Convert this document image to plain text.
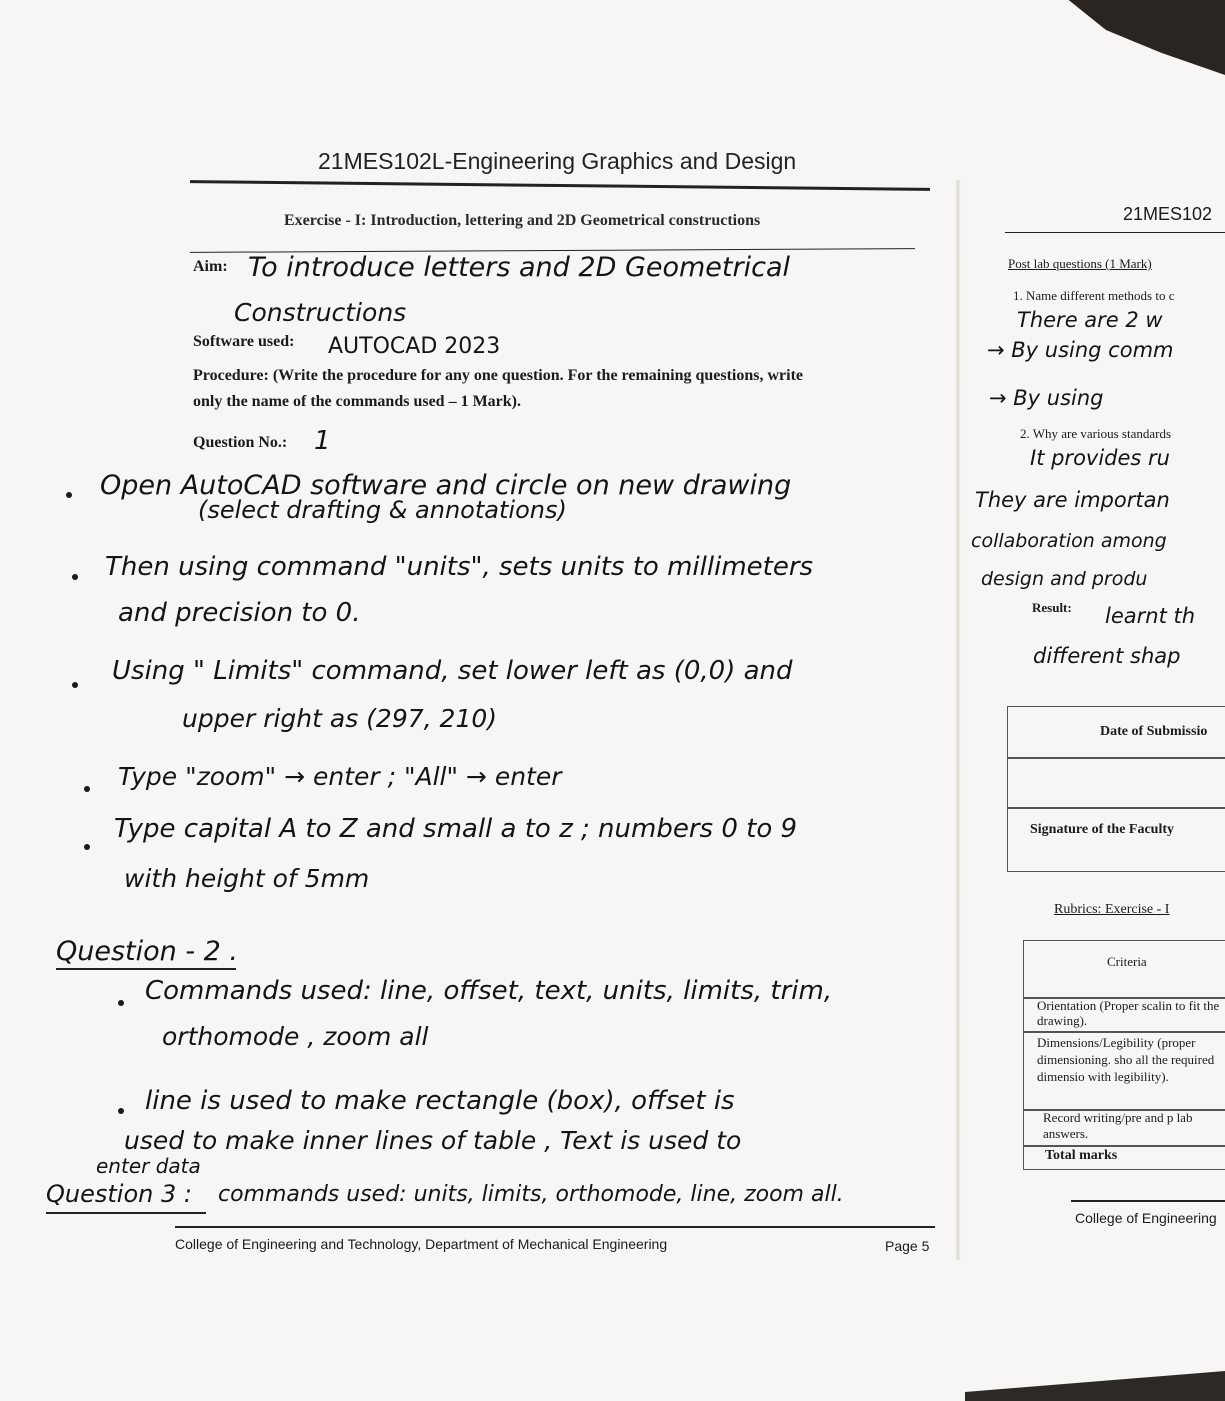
21MES102L-Engineering Graphics and Design
Exercise - I: Introduction, lettering and 2D Geometrical constructions
Aim: To introduce letters and 2D Geometrical
Constructions
Software used: AUTOCAD 2023
Procedure: (Write the procedure for any one question. For the remaining questions, write
only the name of the commands used – 1 Mark).
Question No.: 1
Open AutoCAD software and circle on new drawing
(select drafting & annotations)
Then using command "units", sets units to millimeters
and precision to 0.
Using " Limits" command, set lower left as (0,0) and
upper right as (297, 210)
Type "zoom" → enter ; "All" → enter
Type capital A to Z and small a to z ; numbers 0 to 9
with height of 5mm
Question - 2 .
Commands used: line, offset, text, units, limits, trim,
orthomode , zoom all
line is used to make rectangle (box), offset is
used to make inner lines of table , Text is used to
enter data
Question 3 : commands used: units, limits, orthomode, line, zoom all.
College of Engineering and Technology, Department of Mechanical Engineering	Page 5
21MES102
Post lab questions (1 Mark)
1. Name different methods to c
There are 2 w
→ By using comm
→ By using
2. Why are various standards
It provides ru
They are importan
collaboration among
design and produ
Result: learnt th
different shap
Date of Submissio
Signature of the Faculty
Rubrics: Exercise - I
Criteria
Orientation (Proper scalin to fit the drawing).
Dimensions/Legibility (proper dimensioning. sho all the required dimensio with legibility).
Record writing/pre and p lab answers.
Total marks
College of Engineering
